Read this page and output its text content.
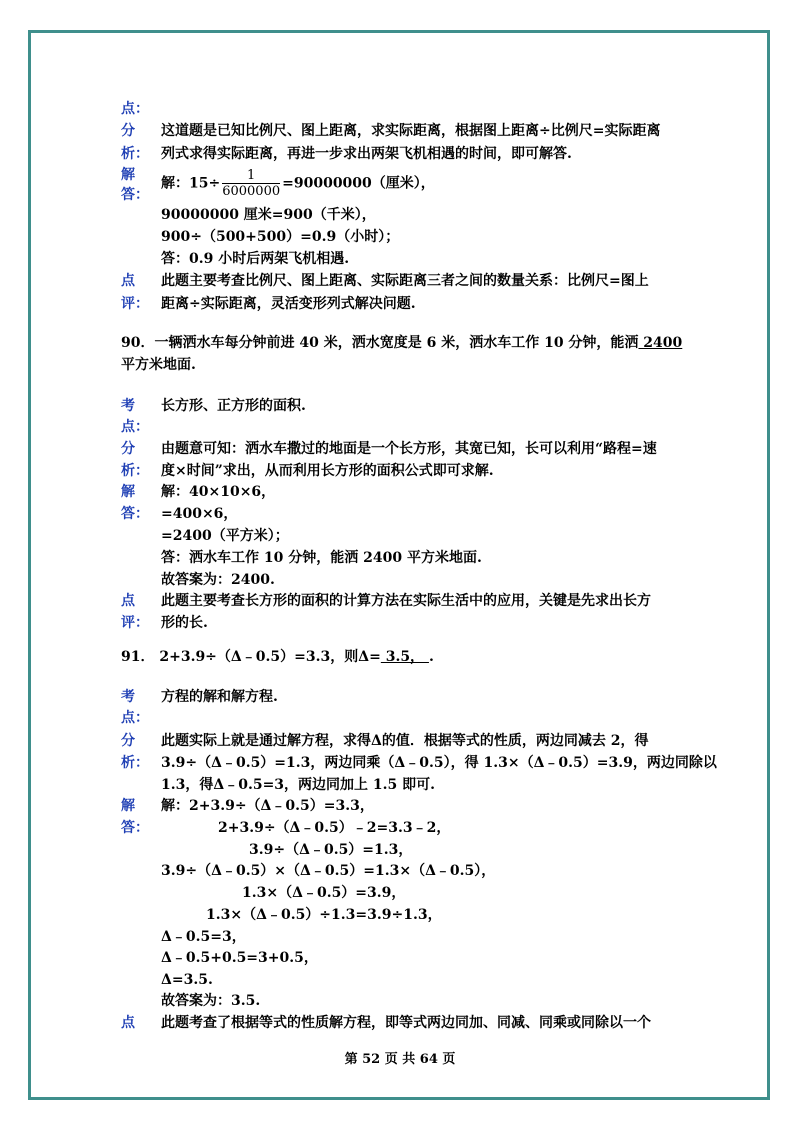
点：
分
析：
这道题是已知比例尺、图上距离，求实际距离，根据图上距离÷比例尺=实际距离
列式求得实际距离，再进一步求出两架飞机相遇的时间，即可解答.
解
答：
解：$15\div \frac{1}{6000000} =90000000$（厘米），
90000000 厘米=900（千米），
900÷（500+500）=0.9（小时）；
答：0.9 小时后两架飞机相遇.
点
评：
此题主要考查比例尺、图上距离、实际距离三者之间的数量关系：比例尺=图上
距离÷实际距离，灵活变形列式解决问题.
90．一辆洒水车每分钟前进 40 米，洒水宽度是 6 米，洒水车工作 10 分钟，能洒 2400
平方米地面.
考
点：
长方形、正方形的面积.
分
析：
由题意可知：洒水车撒过的地面是一个长方形，其宽已知，长可以利用“路程=速
度×时间”求出，从而利用长方形的面积公式即可求解.
解
答：
解：40×10×6，
=400×6，
=2400（平方米）；
答：洒水车工作 10 分钟，能洒 2400 平方米地面.
故答案为：2400.
点
评：
此题主要考查长方形的面积的计算方法在实际生活中的应用，关键是先求出长方
形的长.
91． 2+3.9÷（Δ﹣0.5）=3.3，则Δ= 3.5， .
考
点：
方程的解和解方程.
分
析：
此题实际上就是通过解方程，求得Δ的值．根据等式的性质，两边同减去 2，得
3.9÷（Δ﹣0.5）=1.3，两边同乘（Δ﹣0.5），得 1.3×（Δ﹣0.5）=3.9，两边同除以
1.3，得Δ﹣0.5=3，两边同加上 1.5 即可.
解
答：
解：2+3.9÷（Δ﹣0.5）=3.3，
2+3.9÷（Δ﹣0.5）﹣2=3.3﹣2，
3.9÷（Δ﹣0.5）=1.3，
3.9÷（Δ﹣0.5）×（Δ﹣0.5）=1.3×（Δ﹣0.5），
1.3×（Δ﹣0.5）=3.9，
1.3×（Δ﹣0.5）÷1.3=3.9÷1.3，
Δ﹣0.5=3，
Δ﹣0.5+0.5=3+0.5，
Δ=3.5.
故答案为：3.5.
点 此题考查了根据等式的性质解方程，即等式两边同加、同减、同乘或同除以一个
第 52 页 共 64 页
